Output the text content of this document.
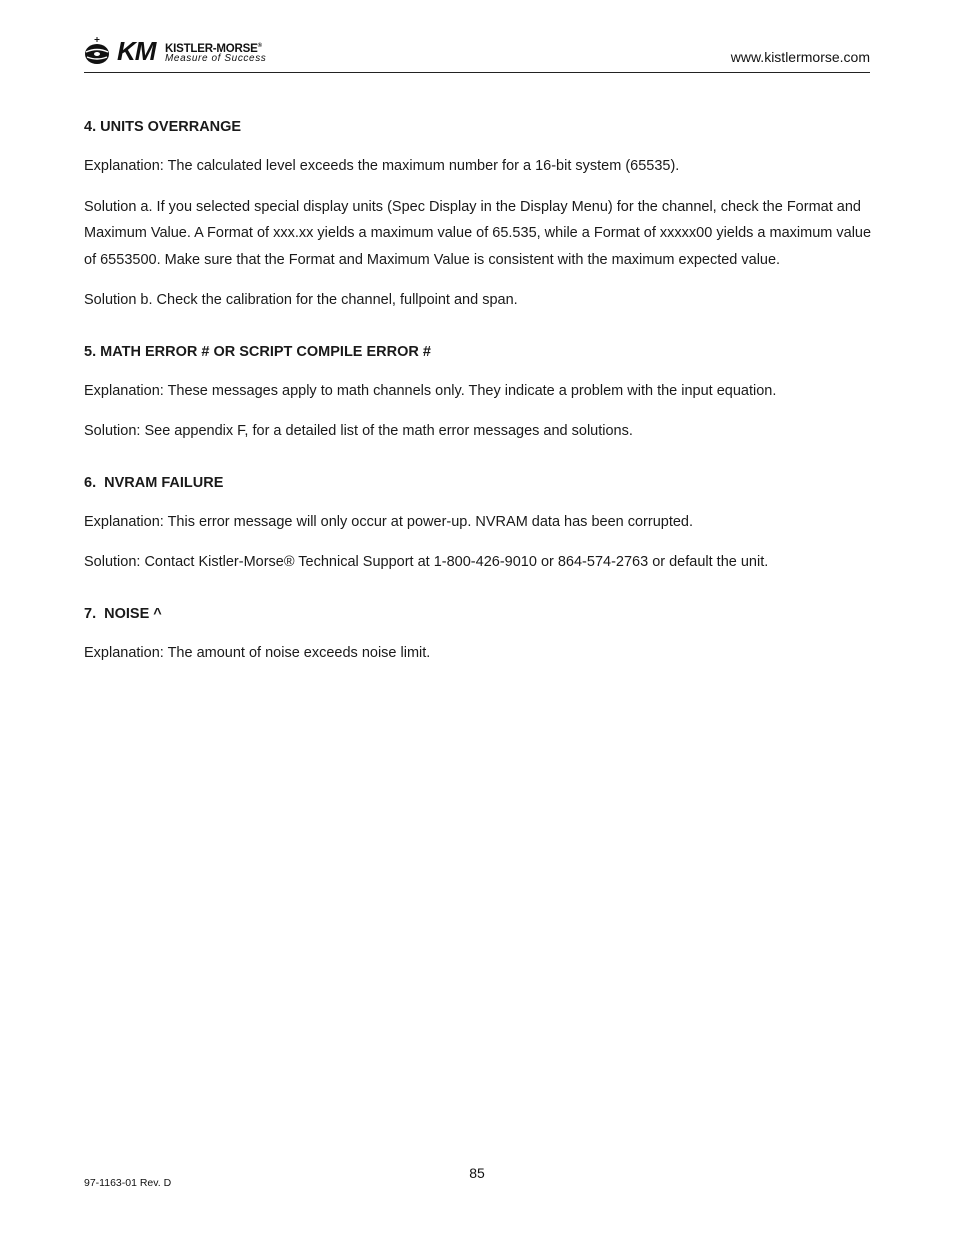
KM KISTLER-MORSE®
Measure of Success	www.kistlermorse.com
4. UNITS OVERRANGE

Explanation: The calculated level exceeds the maximum number for a 16-bit system (65535).

Solution a. If you selected special display units (Spec Display in the Display Menu) for the channel, check the Format and Maximum Value. A Format of xxx.xx yields a maximum value of 65.535, while a Format of xxxxx00 yields a maximum value of 6553500. Make sure that the Format and Maximum Value is consistent with the maximum expected value.

Solution b. Check the calibration for the channel, fullpoint and span.

5. MATH ERROR # OR SCRIPT COMPILE ERROR #

Explanation: These messages apply to math channels only. They indicate a problem with the input equation.

Solution: See appendix F, for a detailed list of the math error messages and solutions.

6.  NVRAM FAILURE

Explanation: This error message will only occur at power-up. NVRAM data has been corrupted.

Solution: Contact Kistler-Morse® Technical Support at 1-800-426-9010 or 864-574-2763 or default the unit.

7.  NOISE ^

Explanation: The amount of noise exceeds noise limit.

97-1163-01 Rev. D
85
